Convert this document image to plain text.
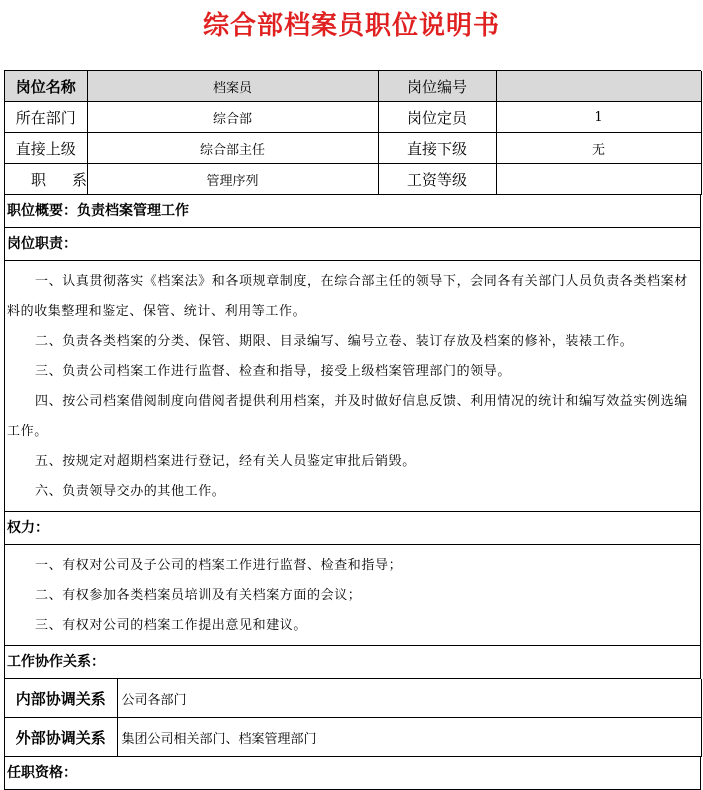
综合部档案员职位说明书
岗位名称	档案员	岗位编号	
所在部门	综合部	岗位定员	1
直接上级	综合部主任	直接下级	无
职系	管理序列	工资等级	
职位概要：负责档案管理工作
岗位职责：

一、认真贯彻落实《档案法》和各项规章制度，在综合部主任的领导下，会同各有关部门人员负责各类档案材料的收集整理和鉴定、保管、统计、利用等工作。

二、负责各类档案的分类、保管、期限、目录编写、编号立卷、装订存放及档案的修补，装裱工作。

三、负责公司档案工作进行监督、检查和指导，接受上级档案管理部门的领导。

四、按公司档案借阅制度向借阅者提供利用档案，并及时做好信息反馈、利用情况的统计和编写效益实例选编工作。

五、按规定对超期档案进行登记，经有关人员鉴定审批后销毁。

六、负责领导交办的其他工作。

权力：

一、有权对公司及子公司的档案工作进行监督、检查和指导；

二、有权参加各类档案员培训及有关档案方面的会议；

三、有权对公司的档案工作提出意见和建议。

工作协作关系：
内部协调关系	公司各部门
外部协调关系	集团公司相关部门、档案管理部门
任职资格：
